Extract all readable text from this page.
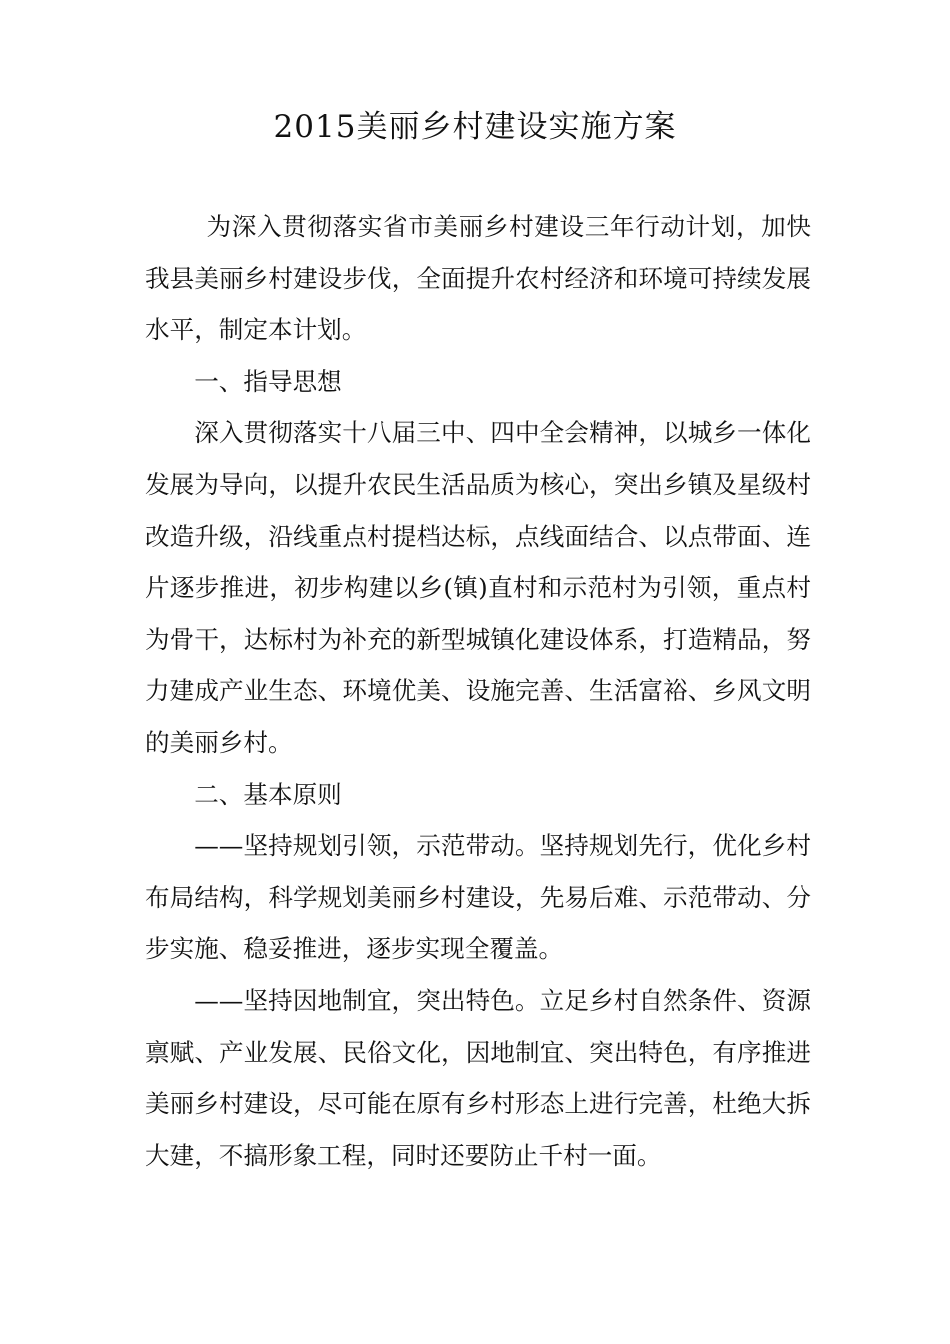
2015美丽乡村建设实施方案

为深入贯彻落实省市美丽乡村建设三年行动计划，加快我县美丽乡村建设步伐，全面提升农村经济和环境可持续发展水平，制定本计划。

一、指导思想

深入贯彻落实十八届三中、四中全会精神，以城乡一体化发展为导向，以提升农民生活品质为核心，突出乡镇及星级村改造升级，沿线重点村提档达标，点线面结合、以点带面、连片逐步推进，初步构建以乡(镇)直村和示范村为引领，重点村为骨干，达标村为补充的新型城镇化建设体系，打造精品，努力建成产业生态、环境优美、设施完善、生活富裕、乡风文明的美丽乡村。

二、基本原则

——坚持规划引领，示范带动。坚持规划先行，优化乡村布局结构，科学规划美丽乡村建设，先易后难、示范带动、分步实施、稳妥推进，逐步实现全覆盖。

——坚持因地制宜，突出特色。立足乡村自然条件、资源禀赋、产业发展、民俗文化，因地制宜、突出特色，有序推进美丽乡村建设，尽可能在原有乡村形态上进行完善，杜绝大拆大建，不搞形象工程，同时还要防止千村一面。
